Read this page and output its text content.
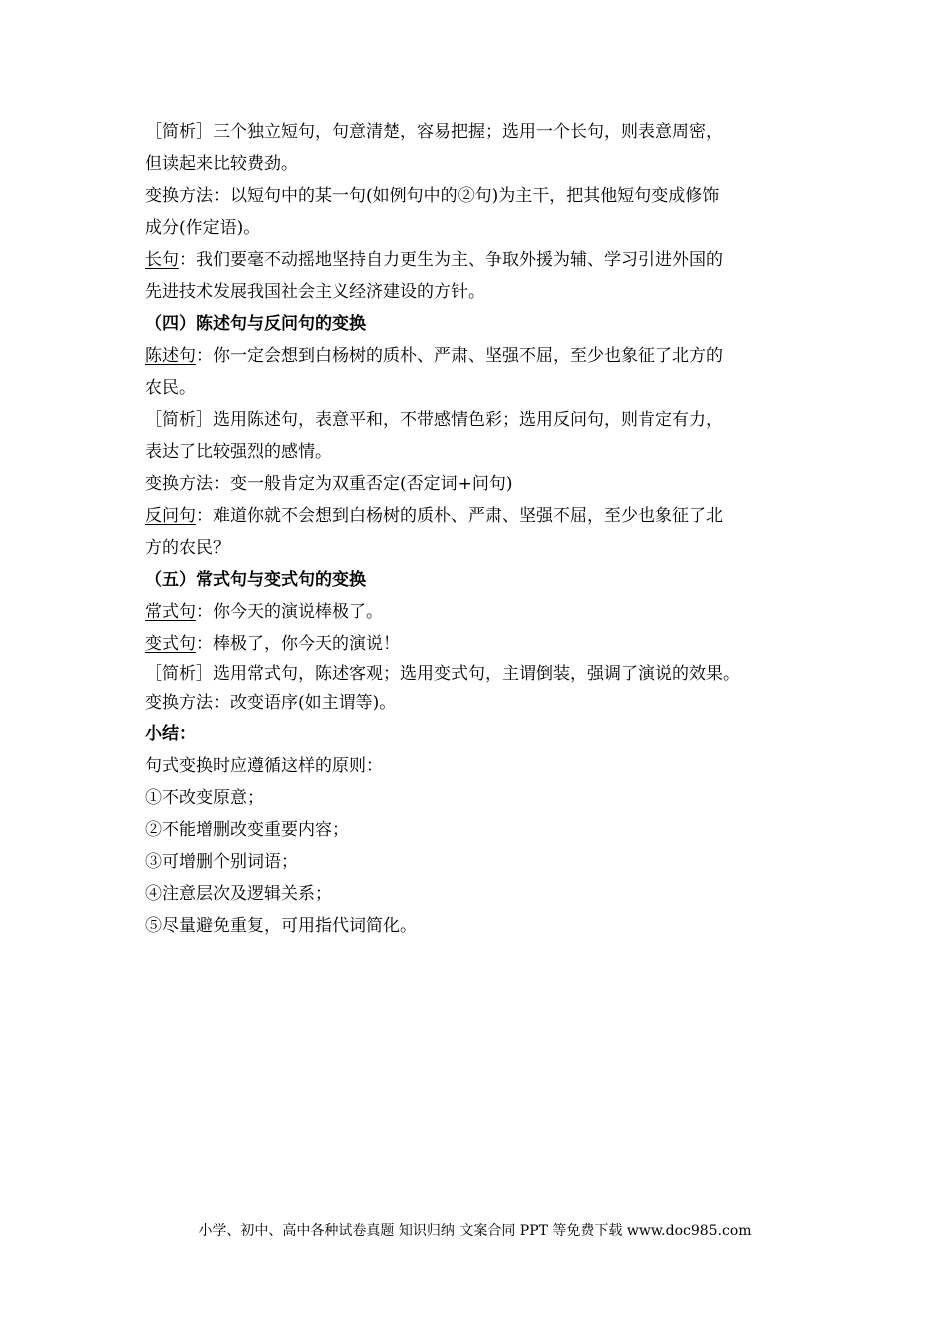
［简析］三个独立短句，句意清楚，容易把握；选用一个长句，则表意周密，
但读起来比较费劲。
变换方法：以短句中的某一句(如例句中的②句)为主干，把其他短句变成修饰
成分(作定语)。
长句：我们要毫不动摇地坚持自力更生为主、争取外援为辅、学习引进外国的
先进技术发展我国社会主义经济建设的方针。
（四）陈述句与反问句的变换
陈述句：你一定会想到白杨树的质朴、严肃、坚强不屈，至少也象征了北方的
农民。
［简析］选用陈述句，表意平和，不带感情色彩；选用反问句，则肯定有力，
表达了比较强烈的感情。
变换方法：变一般肯定为双重否定(否定词+问句)
反问句：难道你就不会想到白杨树的质朴、严肃、坚强不屈，至少也象征了北
方的农民？
（五）常式句与变式句的变换
常式句：你今天的演说棒极了。
变式句：棒极了，你今天的演说！
［简析］选用常式句，陈述客观；选用变式句，主谓倒装，强调了演说的效果。
变换方法：改变语序(如主谓等)。
小结：
句式变换时应遵循这样的原则：
①不改变原意；
②不能增删改变重要内容；
③可增删个别词语；
④注意层次及逻辑关系；
⑤尽量避免重复，可用指代词简化。
小学、初中、高中各种试卷真题 知识归纳 文案合同 PPT 等免费下载 www.doc985.com
